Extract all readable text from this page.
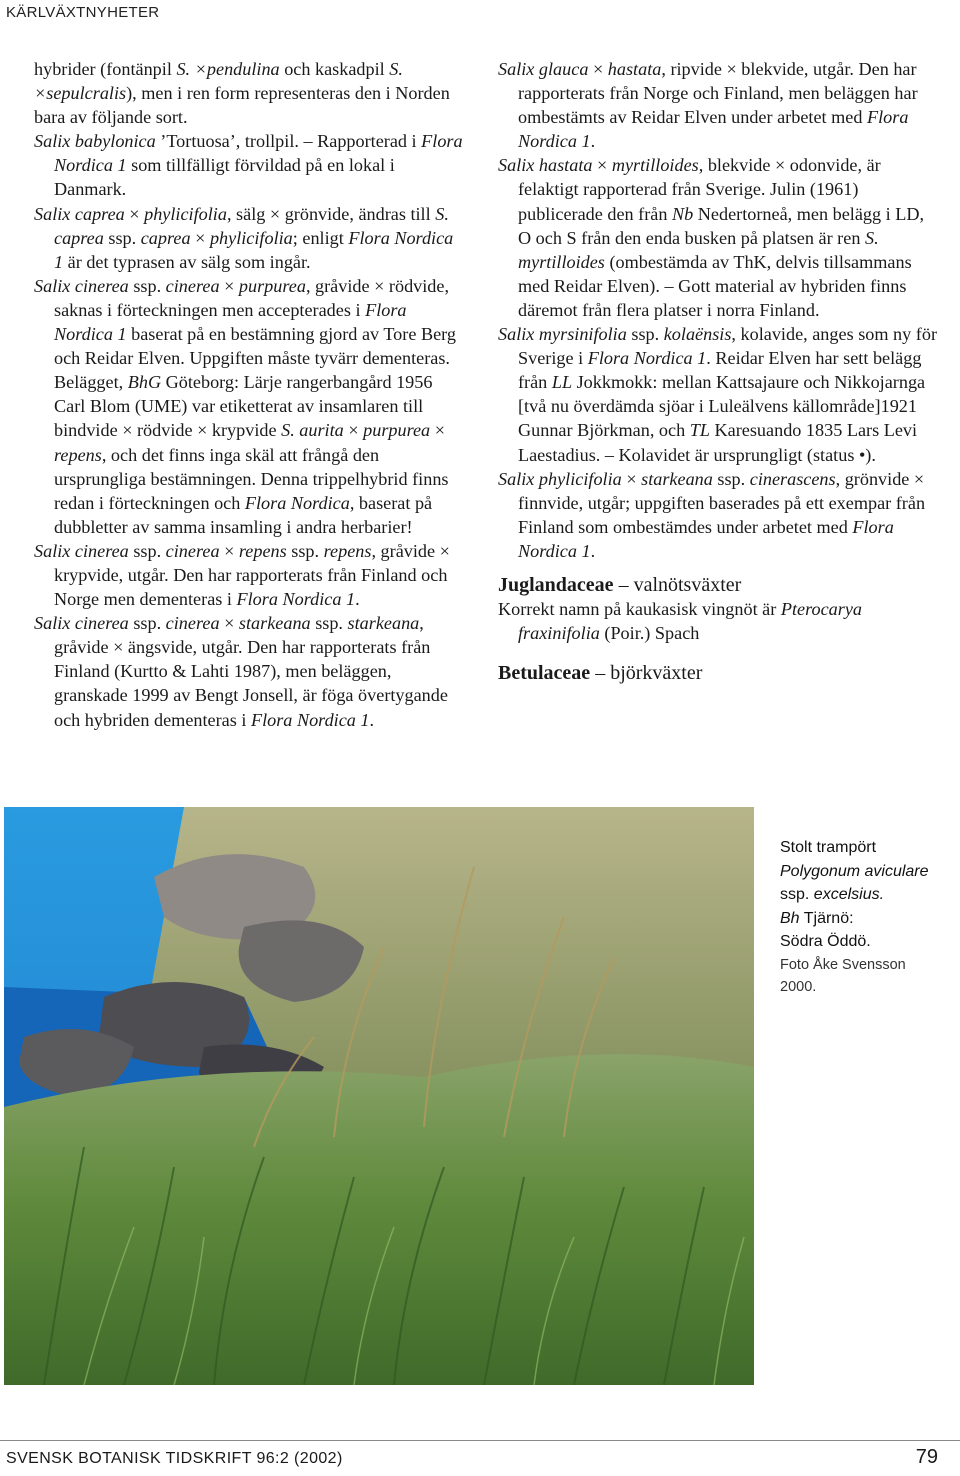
KÄRLVÄXTNYHETER

hybrider (fontänpil S. ×pendulina och kaskadpil S. ×sepulcralis), men i ren form representeras den i Norden bara av följande sort.

Salix babylonica ’Tortuosa’, trollpil. – Rapporterad i Flora Nordica 1 som tillfälligt förvildad på en lokal i Danmark.

Salix caprea × phylicifolia, sälg × grönvide, ändras till S. caprea ssp. caprea × phylicifolia; enligt Flora Nordica 1 är det typrasen av sälg som ingår.

Salix cinerea ssp. cinerea × purpurea, gråvide × rödvide, saknas i förteckningen men accepterades i Flora Nordica 1 baserat på en bestämning gjord av Tore Berg och Reidar Elven. Uppgiften måste tyvärr dementeras. Belägget, BhG Göteborg: Lärje rangerbangård 1956 Carl Blom (UME) var etiketterat av insamlaren till bindvide × rödvide × krypvide S. aurita × purpurea × repens, och det finns inga skäl att frångå den ursprungliga bestämningen. Denna trippelhybrid finns redan i förteckningen och Flora Nordica, baserat på dubbletter av samma insamling i andra herbarier!

Salix cinerea ssp. cinerea × repens ssp. repens, gråvide × krypvide, utgår. Den har rapporterats från Finland och Norge men dementeras i Flora Nordica 1.

Salix cinerea ssp. cinerea × starkeana ssp. starkeana, gråvide × ängsvide, utgår. Den har rapporterats från Finland (Kurtto & Lahti 1987), men beläggen, granskade 1999 av Bengt Jonsell, är föga övertygande och hybriden dementeras i Flora Nordica 1.

Salix glauca × hastata, ripvide × blekvide, utgår. Den har rapporterats från Norge och Finland, men beläggen har ombestämts av Reidar Elven under arbetet med Flora Nordica 1.

Salix hastata × myrtilloides, blekvide × odonvide, är felaktigt rapporterad från Sverige. Julin (1961) publicerade den från Nb Nedertorneå, men belägg i LD, O och S från den enda busken på platsen är ren S. myrtilloides (ombestämda av ThK, delvis tillsammans med Reidar Elven). – Gott material av hybriden finns däremot från flera platser i norra Finland.

Salix myrsinifolia ssp. kolaënsis, kolavide, anges som ny för Sverige i Flora Nordica 1. Reidar Elven har sett belägg från LL Jokkmokk: mellan Kattsajaure och Nikkojarnga [två nu överdämda sjöar i Luleälvens källområde]1921 Gunnar Björkman, och TL Karesuando 1835 Lars Levi Laestadius. – Kolavidet är ursprungligt (status •).

Salix phylicifolia × starkeana ssp. cinerascens, grönvide × finnvide, utgår; uppgiften baserades på ett exempar från Finland som ombestämdes under arbetet med Flora Nordica 1.

Juglandaceae – valnötsväxter

Korrekt namn på kaukasisk vingnöt är Pterocarya fraxinifolia (Poir.) Spach

Betulaceae – björkväxter
Stolt trampört
Polygonum aviculare
ssp. excelsius.
Bh Tjärnö:
Södra Öddö.
Foto Åke Svensson
2000.
SVENSK BOTANISK TIDSKRIFT 96:2 (2002)	79
